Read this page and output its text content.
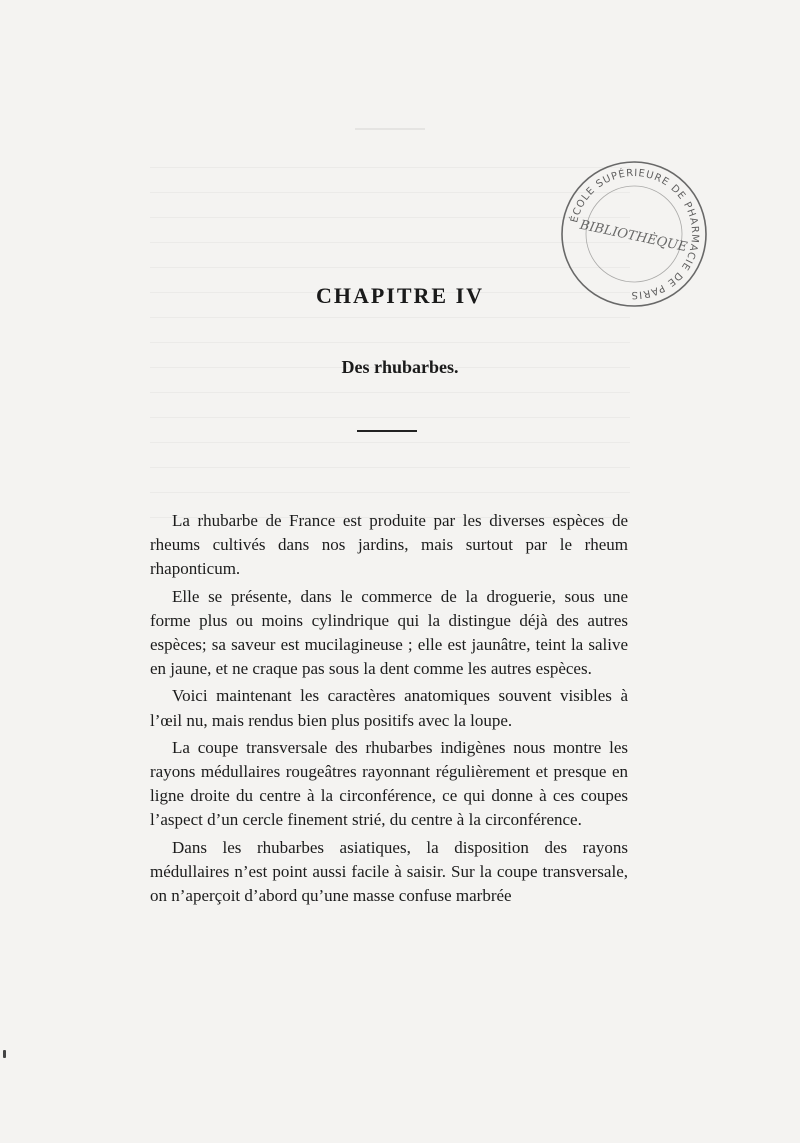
ÉCOLE SUPÉRIEURE DE PHARMACIE DE PARIS
BIBLIOTHÈQUE
CHAPITRE IV
Des rhubarbes.

La rhubarbe de France est produite par les diverses espèces de rheums cultivés dans nos jardins, mais surtout par le rheum rhaponticum.

Elle se présente, dans le commerce de la droguerie, sous une forme plus ou moins cylindrique qui la distingue déjà des autres espèces; sa saveur est mucilagineuse ; elle est jaunâtre, teint la salive en jaune, et ne craque pas sous la dent comme les autres espèces.

Voici maintenant les caractères anatomiques souvent visibles à l’œil nu, mais rendus bien plus positifs avec la loupe.

La coupe transversale des rhubarbes indigènes nous montre les rayons médullaires rougeâtres rayonnant régulièrement et presque en ligne droite du centre à la circonférence, ce qui donne à ces coupes l’aspect d’un cercle finement strié, du centre à la circonférence.

Dans les rhubarbes asiatiques, la disposition des rayons médullaires n’est point aussi facile à saisir. Sur la coupe transversale, on n’aperçoit d’abord qu’une masse confuse marbrée
